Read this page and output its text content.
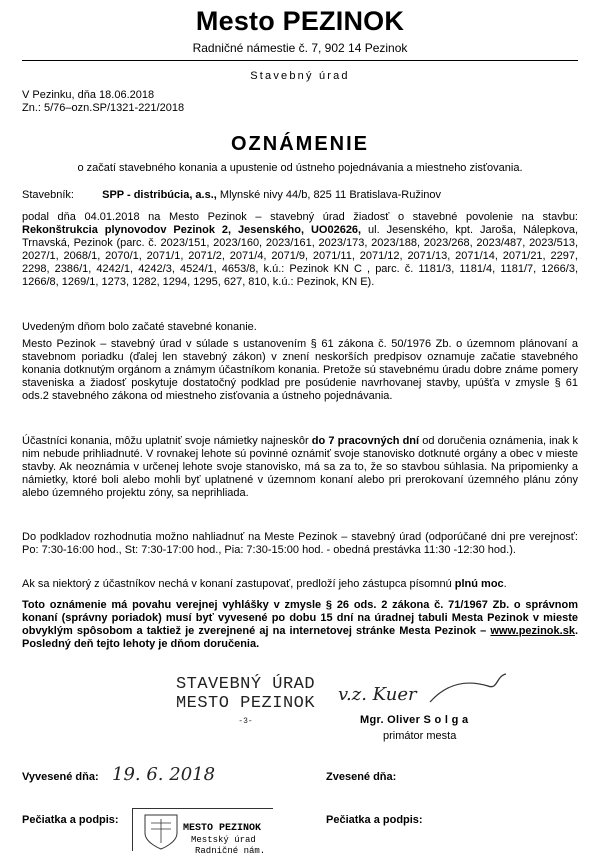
Mesto PEZINOK
Radničné námestie č. 7, 902 14 Pezinok
Stavebný úrad
V Pezinku, dňa 18.06.2018
Zn.: 5/76–ozn.SP/1321-221/2018
OZNÁMENIE
o začatí stavebného konania a upustenie od ústneho pojednávania a miestneho zisťovania.
Stavebník:	SPP - distribúcia, a.s., Mlynské nivy 44/b, 825 11 Bratislava-Ružinov

podal dňa 04.01.2018 na Mesto Pezinok – stavebný úrad žiadosť o stavebné povolenie na stavbu: Rekonštrukcia plynovodov Pezinok 2, Jesenského, UO02626, ul. Jesenského, kpt. Jaroša, Nálepkova, Trnavská, Pezinok (parc. č. 2023/151, 2023/160, 2023/161, 2023/173, 2023/188, 2023/268, 2023/487, 2023/513, 2027/1, 2068/1, 2070/1, 2071/1, 2071/2, 2071/4, 2071/9, 2071/11, 2071/12, 2071/13, 2071/14, 2071/21, 2297, 2298, 2386/1, 4242/1, 4242/3, 4524/1, 4653/8, k.ú.: Pezinok KN C , parc. č. 1181/3, 1181/4, 1181/7, 1266/3, 1266/8, 1269/1, 1273, 1282, 1294, 1295, 627, 810, k.ú.: Pezinok, KN E).

Uvedeným dňom bolo začaté stavebné konanie.

Mesto Pezinok – stavebný úrad v súlade s ustanovením § 61 zákona č. 50/1976 Zb. o územnom plánovaní a stavebnom poriadku (ďalej len stavebný zákon) v znení neskorších predpisov oznamuje začatie stavebného konania dotknutým orgánom a známym účastníkom konania. Pretože sú stavebnému úradu dobre známe pomery staveniska a žiadosť poskytuje dostatočný podklad pre posúdenie navrhovanej stavby, upúšťa v zmysle § 61 ods.2 stavebného zákona od miestneho zisťovania a ústneho pojednávania.

Účastníci konania, môžu uplatniť svoje námietky najneskôr do 7 pracovných dní od doručenia oznámenia, inak k nim nebude prihliadnuté. V rovnakej lehote sú povinné oznámiť svoje stanovisko dotknuté orgány a obec v mieste stavby. Ak neoznámia v určenej lehote svoje stanovisko, má sa za to, že so stavbou súhlasia. Na pripomienky a námietky, ktoré boli alebo mohli byť uplatnené v územnom konaní alebo pri prerokovaní územného plánu zóny alebo územného projektu zóny, sa neprihliada.

Do podkladov rozhodnutia možno nahliadnuť na Meste Pezinok – stavebný úrad (odporúčané dni pre verejnosť: Po: 7:30-16:00 hod., St: 7:30-17:00 hod., Pia: 7:30-15:00 hod. - obedná prestávka 11:30 -12:30 hod.).

Ak sa niektorý z účastníkov nechá v konaní zastupovať, predloží jeho zástupca písomnú plnú moc.

Toto oznámenie má povahu verejnej vyhlášky v zmysle § 26 ods. 2 zákona č. 71/1967 Zb. o správnom konaní (správny poriadok) musí byť vyvesené po dobu 15 dní na úradnej tabuli Mesta Pezinok v mieste obvyklým spôsobom a taktiež je zverejnené aj na internetovej stránke Mesta Pezinok – www.pezinok.sk. Posledný deň tejto lehoty je dňom doručenia.

STAVEBNÝ ÚRAD
MESTO PEZINOK
-3-
v.z. Kuer
Mgr. Oliver S o l g a
primátor mesta
Vyvesené dňa: 19. 6. 2018	Zvesené dňa:
Pečiatka a podpis:	Pečiatka a podpis:
MESTO PEZINOK
Mestský úrad
Radničné nám.
